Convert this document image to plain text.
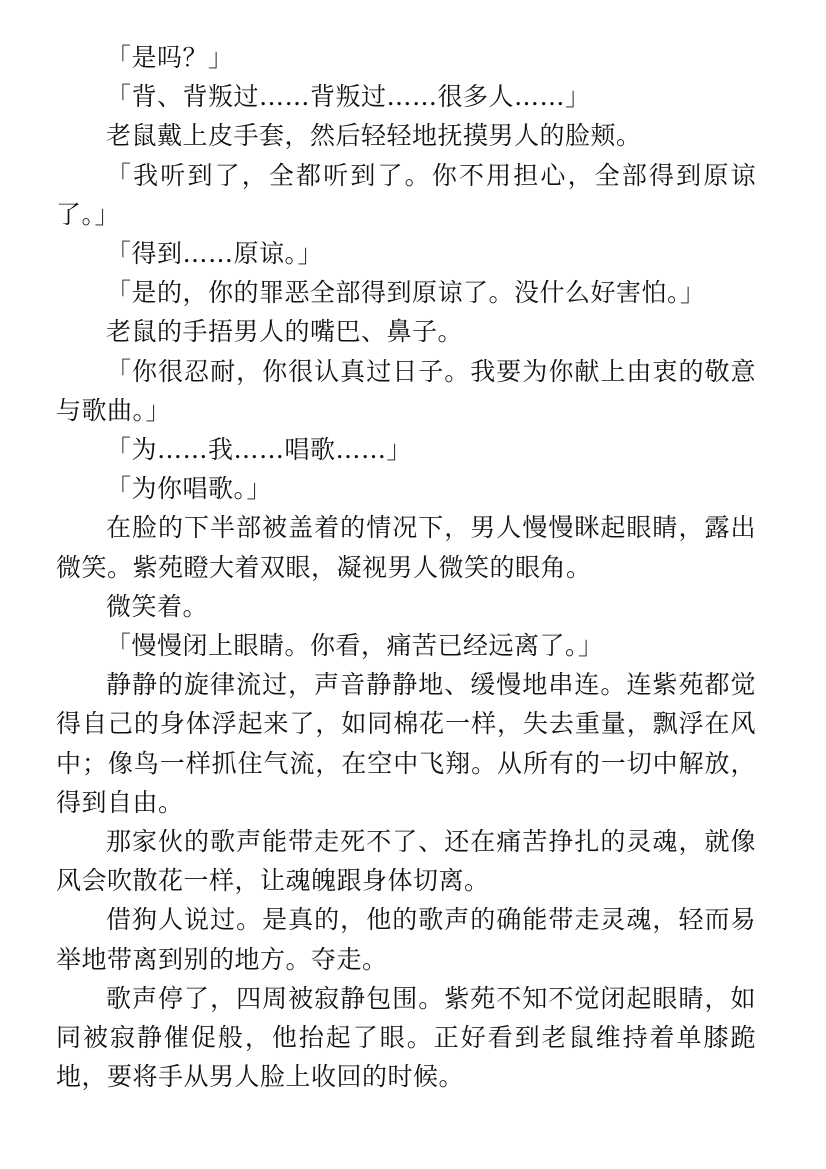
「是吗？」

「背、背叛过……背叛过……很多人……」

老鼠戴上皮手套，然后轻轻地抚摸男人的脸颊。

「我听到了，全都听到了。你不用担心，全部得到原谅了。」

「得到……原谅。」

「是的，你的罪恶全部得到原谅了。没什么好害怕。」

老鼠的手捂男人的嘴巴、鼻子。

「你很忍耐，你很认真过日子。我要为你献上由衷的敬意与歌曲。」

「为……我……唱歌……」

「为你唱歌。」

在脸的下半部被盖着的情况下，男人慢慢眯起眼睛，露出微笑。紫苑瞪大着双眼，凝视男人微笑的眼角。

微笑着。

「慢慢闭上眼睛。你看，痛苦已经远离了。」

静静的旋律流过，声音静静地、缓慢地串连。连紫苑都觉得自己的身体浮起来了，如同棉花一样，失去重量，飘浮在风中；像鸟一样抓住气流，在空中飞翔。从所有的一切中解放，得到自由。

那家伙的歌声能带走死不了、还在痛苦挣扎的灵魂，就像风会吹散花一样，让魂魄跟身体切离。

借狗人说过。是真的，他的歌声的确能带走灵魂，轻而易举地带离到别的地方。夺走。

歌声停了，四周被寂静包围。紫苑不知不觉闭起眼睛，如同被寂静催促般，他抬起了眼。正好看到老鼠维持着单膝跪地，要将手从男人脸上收回的时候。
